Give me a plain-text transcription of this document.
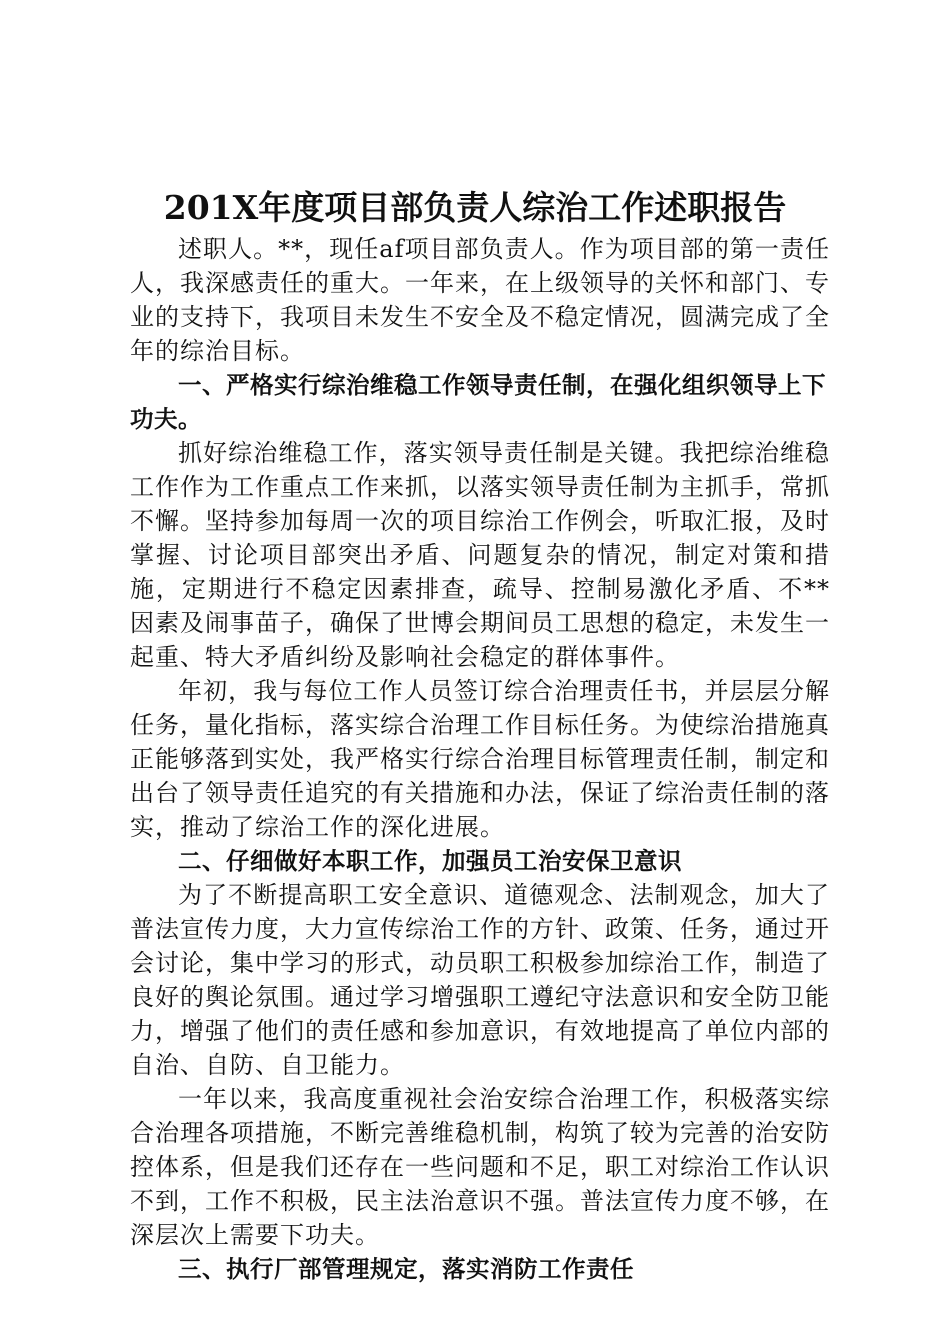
201X年度项目部负责人综治工作述职报告

述职人。**，现任af项目部负责人。作为项目部的第一责任人，我深感责任的重大。一年来，在上级领导的关怀和部门、专业的支持下，我项目未发生不安全及不稳定情况，圆满完成了全年的综治目标。

一、严格实行综治维稳工作领导责任制，在强化组织领导上下功夫。

抓好综治维稳工作，落实领导责任制是关键。我把综治维稳工作作为工作重点工作来抓，以落实领导责任制为主抓手，常抓不懈。坚持参加每周一次的项目综治工作例会，听取汇报，及时掌握、讨论项目部突出矛盾、问题复杂的情况，制定对策和措施，定期进行不稳定因素排查，疏导、控制易激化矛盾、不**因素及闹事苗子，确保了世博会期间员工思想的稳定，未发生一起重、特大矛盾纠纷及影响社会稳定的群体事件。

年初，我与每位工作人员签订综合治理责任书，并层层分解任务，量化指标，落实综合治理工作目标任务。为使综治措施真正能够落到实处，我严格实行综合治理目标管理责任制，制定和出台了领导责任追究的有关措施和办法，保证了综治责任制的落实，推动了综治工作的深化进展。

二、仔细做好本职工作，加强员工治安保卫意识

为了不断提高职工安全意识、道德观念、法制观念，加大了普法宣传力度，大力宣传综治工作的方针、政策、任务，通过开会讨论，集中学习的形式，动员职工积极参加综治工作，制造了良好的舆论氛围。通过学习增强职工遵纪守法意识和安全防卫能力，增强了他们的责任感和参加意识，有效地提高了单位内部的自治、自防、自卫能力。

一年以来，我高度重视社会治安综合治理工作，积极落实综合治理各项措施，不断完善维稳机制，构筑了较为完善的治安防控体系，但是我们还存在一些问题和不足，职工对综治工作认识不到，工作不积极，民主法治意识不强。普法宣传力度不够，在深层次上需要下功夫。

三、执行厂部管理规定，落实消防工作责任
